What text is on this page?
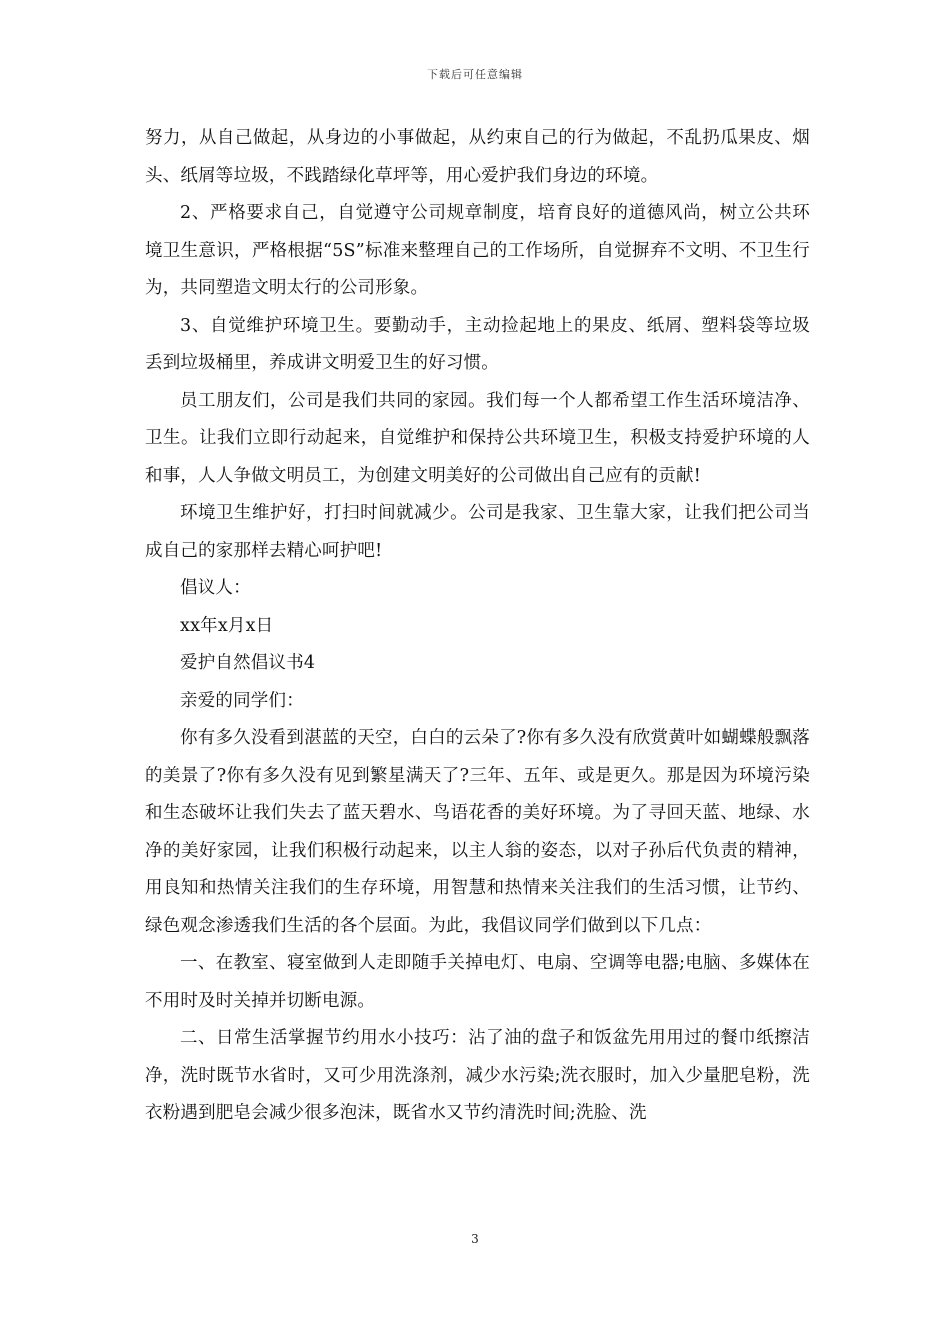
下载后可任意编辑

努力，从自己做起，从身边的小事做起，从约束自己的行为做起，不乱扔瓜果皮、烟头、纸屑等垃圾，不践踏绿化草坪等，用心爱护我们身边的环境。

2、严格要求自己，自觉遵守公司规章制度，培育良好的道德风尚，树立公共环境卫生意识，严格根据“5S”标准来整理自己的工作场所，自觉摒弃不文明、不卫生行为，共同塑造文明太行的公司形象。

3、自觉维护环境卫生。要勤动手，主动捡起地上的果皮、纸屑、塑料袋等垃圾丢到垃圾桶里，养成讲文明爱卫生的好习惯。

员工朋友们，公司是我们共同的家园。我们每一个人都希望工作生活环境洁净、卫生。让我们立即行动起来，自觉维护和保持公共环境卫生，积极支持爱护环境的人和事，人人争做文明员工，为创建文明美好的公司做出自己应有的贡献!

环境卫生维护好，打扫时间就减少。公司是我家、卫生靠大家，让我们把公司当成自己的家那样去精心呵护吧!

倡议人：

xx年x月x日

爱护自然倡议书4

亲爱的同学们：

你有多久没看到湛蓝的天空，白白的云朵了?你有多久没有欣赏黄叶如蝴蝶般飘落的美景了?你有多久没有见到繁星满天了?三年、五年、或是更久。那是因为环境污染和生态破坏让我们失去了蓝天碧水、鸟语花香的美好环境。为了寻回天蓝、地绿、水净的美好家园，让我们积极行动起来，以主人翁的姿态，以对子孙后代负责的精神，用良知和热情关注我们的生存环境，用智慧和热情来关注我们的生活习惯，让节约、绿色观念渗透我们生活的各个层面。为此，我倡议同学们做到以下几点：

一、在教室、寝室做到人走即随手关掉电灯、电扇、空调等电器;电脑、多媒体在不用时及时关掉并切断电源。

二、日常生活掌握节约用水小技巧：沾了油的盘子和饭盆先用用过的餐巾纸擦洁净，洗时既节水省时，又可少用洗涤剂，减少水污染;洗衣服时，加入少量肥皂粉，洗衣粉遇到肥皂会减少很多泡沫，既省水又节约清洗时间;洗脸、洗

3
